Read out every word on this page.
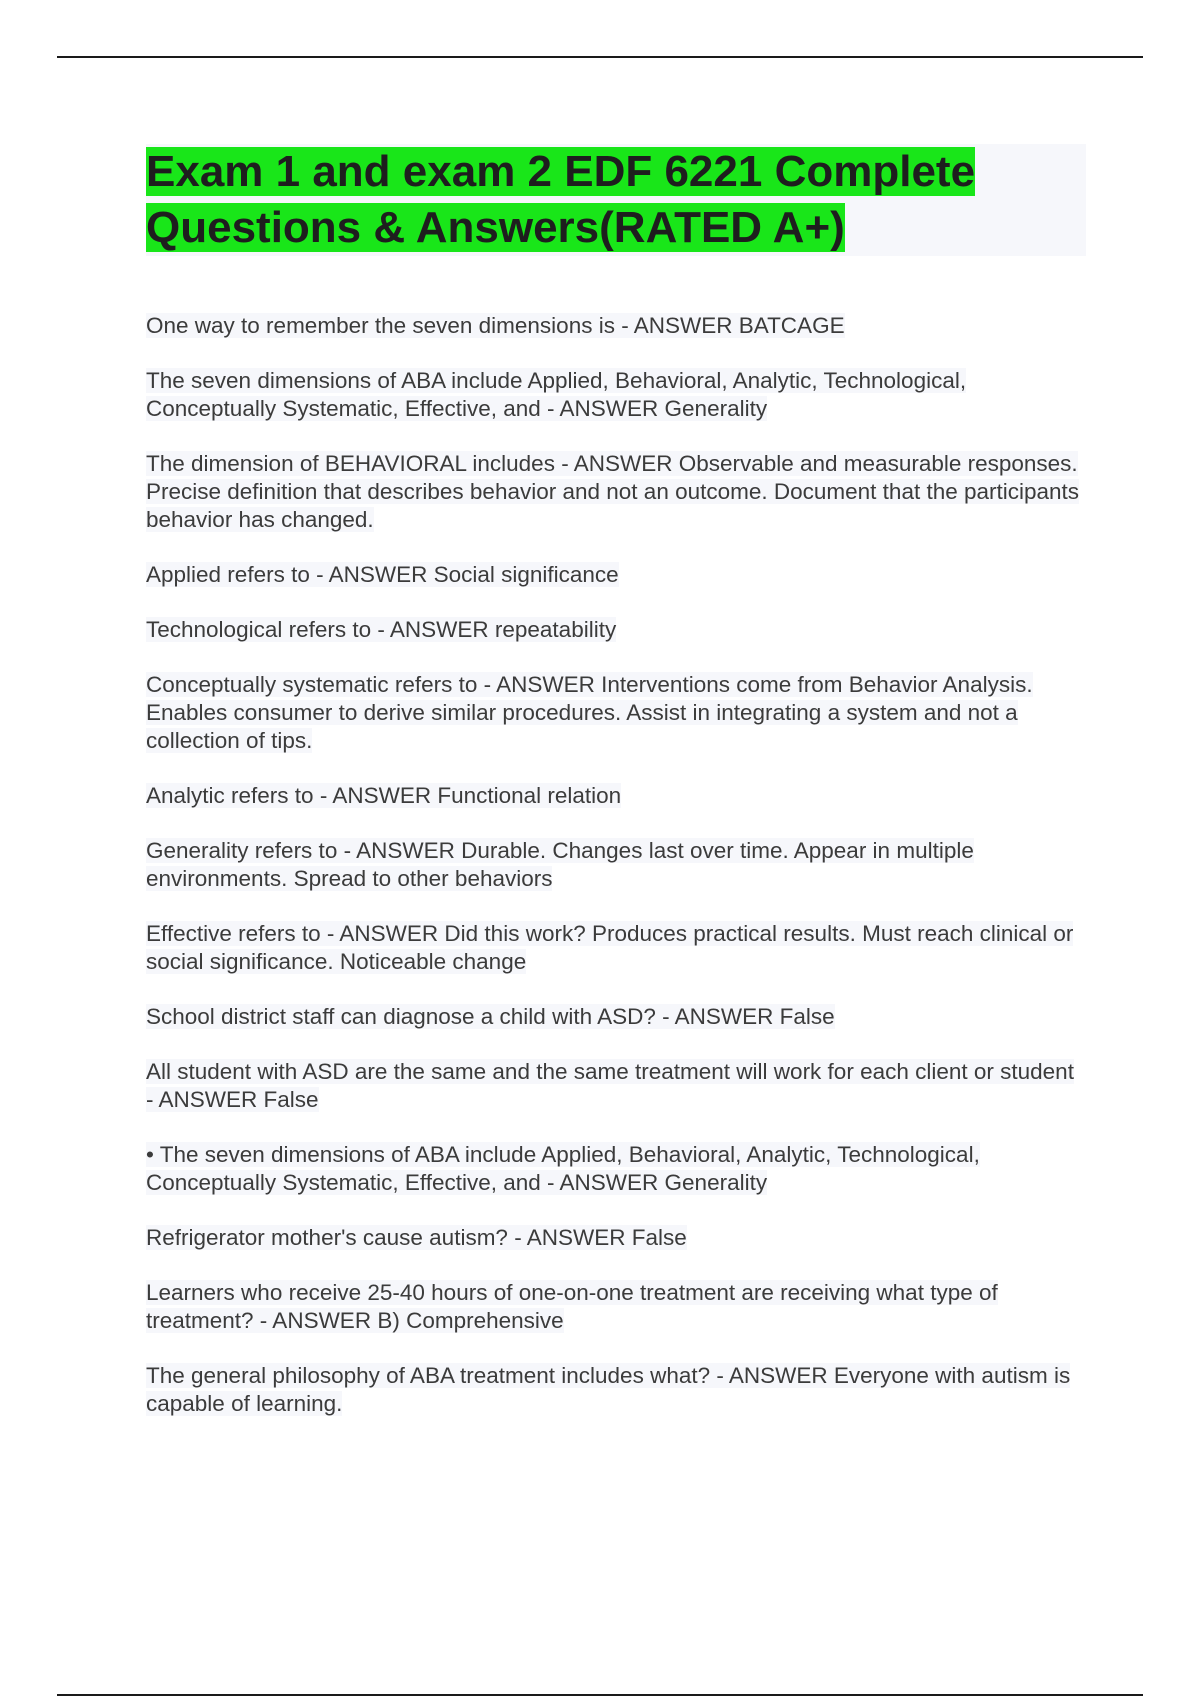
Exam 1 and exam 2 EDF 6221 Complete Questions & Answers(RATED A+)
One way to remember the seven dimensions is - ANSWER BATCAGE
The seven dimensions of ABA include Applied, Behavioral, Analytic, Technological, Conceptually Systematic, Effective, and - ANSWER Generality
The dimension of BEHAVIORAL includes - ANSWER Observable and measurable responses. Precise definition that describes behavior and not an outcome. Document that the participants behavior has changed.
Applied refers to - ANSWER Social significance
Technological refers to - ANSWER repeatability
Conceptually systematic refers to - ANSWER Interventions come from Behavior Analysis. Enables consumer to derive similar procedures. Assist in integrating a system and not a collection of tips.
Analytic refers to - ANSWER Functional relation
Generality refers to - ANSWER Durable. Changes last over time. Appear in multiple environments. Spread to other behaviors
Effective refers to - ANSWER Did this work? Produces practical results. Must reach clinical or social significance. Noticeable change
School district staff can diagnose a child with ASD? - ANSWER False
All student with ASD are the same and the same treatment will work for each client or student - ANSWER False
• The seven dimensions of ABA include Applied, Behavioral, Analytic, Technological, Conceptually Systematic, Effective, and - ANSWER Generality
Refrigerator mother's cause autism? - ANSWER False
Learners who receive 25-40 hours of one-on-one treatment are receiving what type of treatment? - ANSWER B) Comprehensive
The general philosophy of ABA treatment includes what? - ANSWER Everyone with autism is capable of learning.
